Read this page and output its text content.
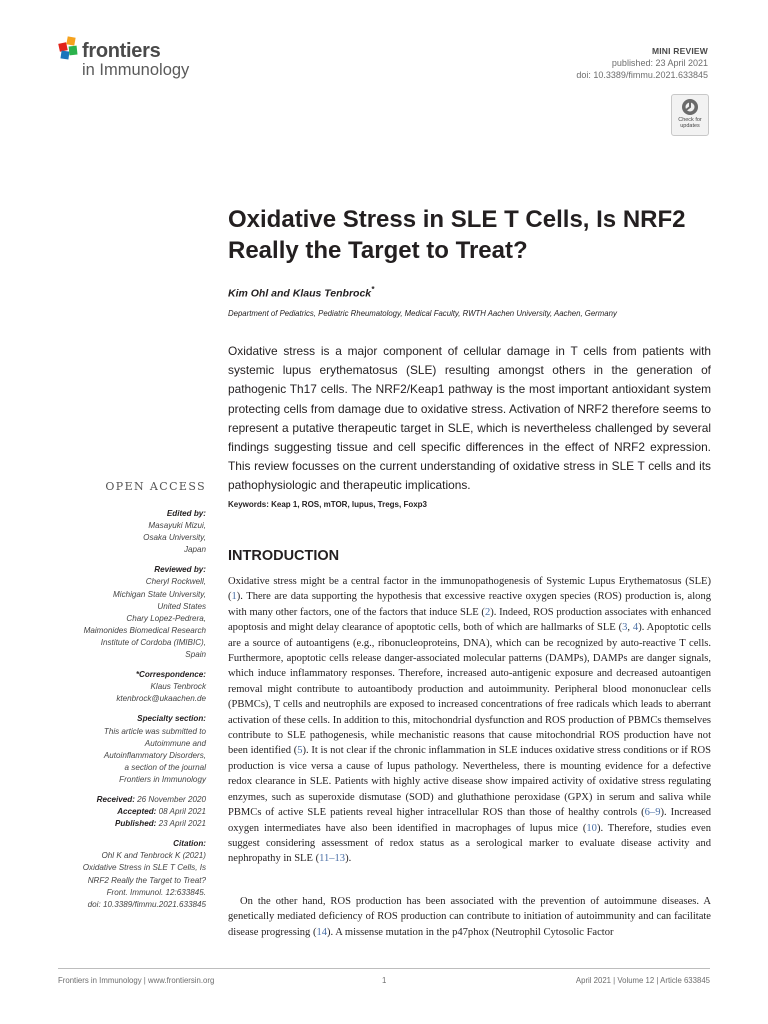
frontiers
in Immunology
MINI REVIEW
published: 23 April 2021
doi: 10.3389/fimmu.2021.633845
Check for
updates
Oxidative Stress in SLE T Cells, Is NRF2 Really the Target to Treat?
Kim Ohl and Klaus Tenbrock*
Department of Pediatrics, Pediatric Rheumatology, Medical Faculty, RWTH Aachen University, Aachen, Germany

Oxidative stress is a major component of cellular damage in T cells from patients with systemic lupus erythematosus (SLE) resulting amongst others in the generation of pathogenic Th17 cells. The NRF2/Keap1 pathway is the most important antioxidant system protecting cells from damage due to oxidative stress. Activation of NRF2 therefore seems to represent a putative therapeutic target in SLE, which is nevertheless challenged by several findings suggesting tissue and cell specific differences in the effect of NRF2 expression. This review focusses on the current understanding of oxidative stress in SLE T cells and its pathophysiologic and therapeutic implications.

OPEN ACCESS
Keywords: Keap 1, ROS, mTOR, lupus, Tregs, Foxp3
Edited by:
Masayuki Mizui,
Osaka University,
Japan
Reviewed by:
Cheryl Rockwell,
Michigan State University,
United States
Chary Lopez-Pedrera,
Maimonides Biomedical Research
Institute of Cordoba (IMIBIC),
Spain
*Correspondence:
Klaus Tenbrock
ktenbrock@ukaachen.de
Specialty section:
This article was submitted to
Autoimmune and
Autoinflammatory Disorders,
a section of the journal
Frontiers in Immunology
Received: 26 November 2020
Accepted: 08 April 2021
Published: 23 April 2021
Citation:
Ohl K and Tenbrock K (2021)
Oxidative Stress in SLE T Cells, Is
NRF2 Really the Target to Treat?
Front. Immunol. 12:633845.
doi: 10.3389/fimmu.2021.633845
INTRODUCTION

Oxidative stress might be a central factor in the immunopathogenesis of Systemic Lupus Erythematosus (SLE) (1). There are data supporting the hypothesis that excessive reactive oxygen species (ROS) production is, along with many other factors, one of the factors that induce SLE (2). Indeed, ROS production associates with enhanced apoptosis and might delay clearance of apoptotic cells, both of which are hallmarks of SLE (3, 4). Apoptotic cells are a source of autoantigens (e.g., ribonucleoproteins, DNA), which can be recognized by auto-reactive T cells. Furthermore, apoptotic cells release danger-associated molecular patterns (DAMPs), DAMPs are danger signals, which induce inflammatory responses. Therefore, increased auto-antigenic exposure and decreased autoantigen removal might contribute to autoantibody production and autoimmunity. Peripheral blood mononuclear cells (PBMCs), T cells and neutrophils are exposed to increased concentrations of free radicals which leads to aberrant activation of these cells. In addition to this, mitochondrial dysfunction and ROS production of PBMCs themselves contribute to SLE pathogenesis, while mechanistic reasons that cause mitochondrial ROS production have not been identified (5). It is not clear if the chronic inflammation in SLE induces oxidative stress conditions or if ROS production is vice versa a cause of lupus pathology. Nevertheless, there is mounting evidence for a defective redox clearance in SLE. Patients with highly active disease show impaired activity of oxidative stress regulating enzymes, such as superoxide dismutase (SOD) and gluthathione peroxidase (GPX) in serum and saliva while PBMCs of active SLE patients reveal higher intracellular ROS than those of healthy controls (6–9). Increased oxygen intermediates have also been identified in macrophages of lupus mice (10). Therefore, studies even suggest considering assessment of redox status as a serological marker to evaluate disease activity and nephropathy in SLE (11–13).

On the other hand, ROS production has been associated with the prevention of autoimmune diseases. A genetically mediated deficiency of ROS production can contribute to initiation of autoimmunity and can facilitate disease progressing (14). A missense mutation in the p47phox (Neutrophil Cytosolic Factor

Frontiers in Immunology | www.frontiersin.org	1	April 2021 | Volume 12 | Article 633845
